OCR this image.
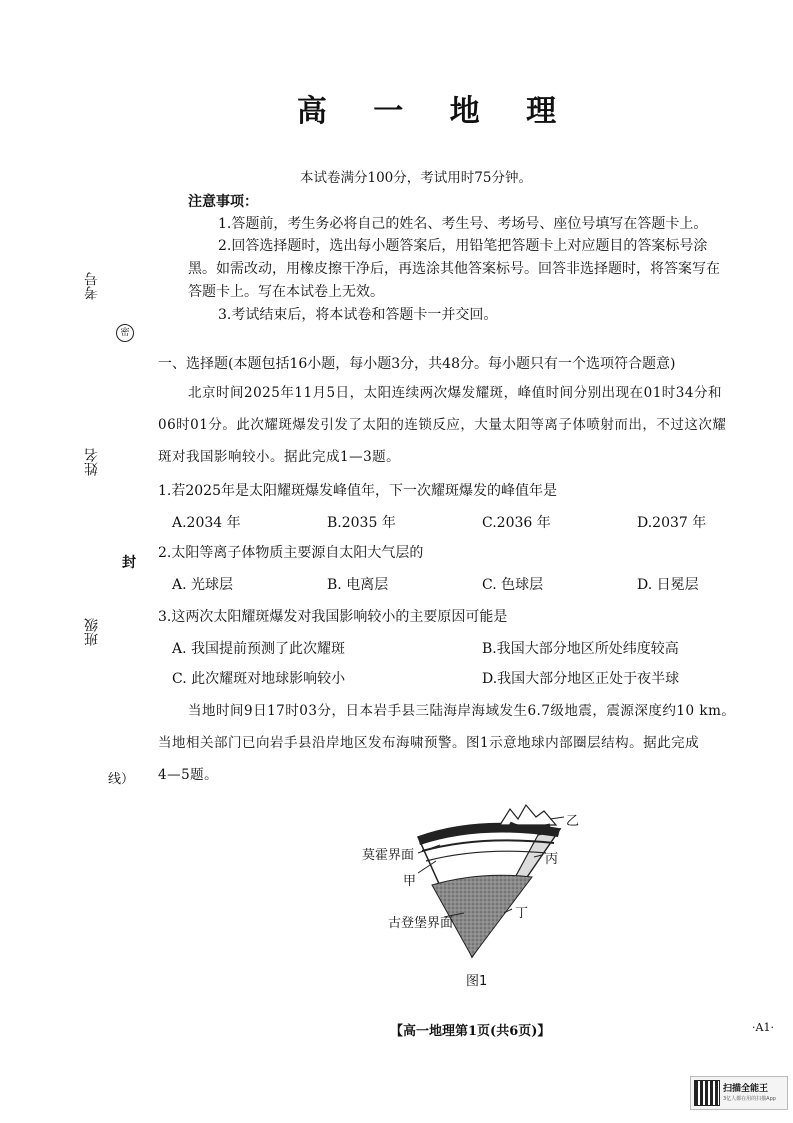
高 一 地 理
本试卷满分100分，考试用时75分钟。
注意事项：
1.答题前，考生务必将自己的姓名、考生号、考场号、座位号填写在答题卡上。
2.回答选择题时，选出每小题答案后，用铅笔把答题卡上对应题目的答案标号涂
黑。如需改动，用橡皮擦干净后，再选涂其他答案标号。回答非选择题时，将答案写在
答题卡上。写在本试卷上无效。
3.考试结束后，将本试卷和答题卡一并交回。
考号
密
姓名
封
班级
线）
一、选择题(本题包括16小题，每小题3分，共48分。每小题只有一个选项符合题意)
北京时间2025年11月5日，太阳连续两次爆发耀斑，峰值时间分别出现在01时34分和
06时01分。此次耀斑爆发引发了太阳的连锁反应，大量太阳等离子体喷射而出，不过这次耀
斑对我国影响较小。据此完成1—3题。
1.若2025年是太阳耀斑爆发峰值年，下一次耀斑爆发的峰值年是
A.2034 年	B.2035 年	C.2036 年	D.2037 年
2.太阳等离子体物质主要源自太阳大气层的
A. 光球层	B. 电离层	C. 色球层	D. 日冕层
3.这两次太阳耀斑爆发对我国影响较小的主要原因可能是
A. 我国提前预测了此次耀斑	B.我国大部分地区所处纬度较高
C. 此次耀斑对地球影响较小	D.我国大部分地区正处于夜半球
当地时间9日17时03分，日本岩手县三陆海岸海域发生6.7级地震，震源深度约10 km。
当地相关部门已向岩手县沿岸地区发布海啸预警。图1示意地球内部圈层结构。据此完成
4—5题。
莫霍界面
甲
古登堡界面
乙
丙
丁
图1
【高一地理第1页(共6页)】	·A1·
扫描全能王
3亿人都在用的扫描App
